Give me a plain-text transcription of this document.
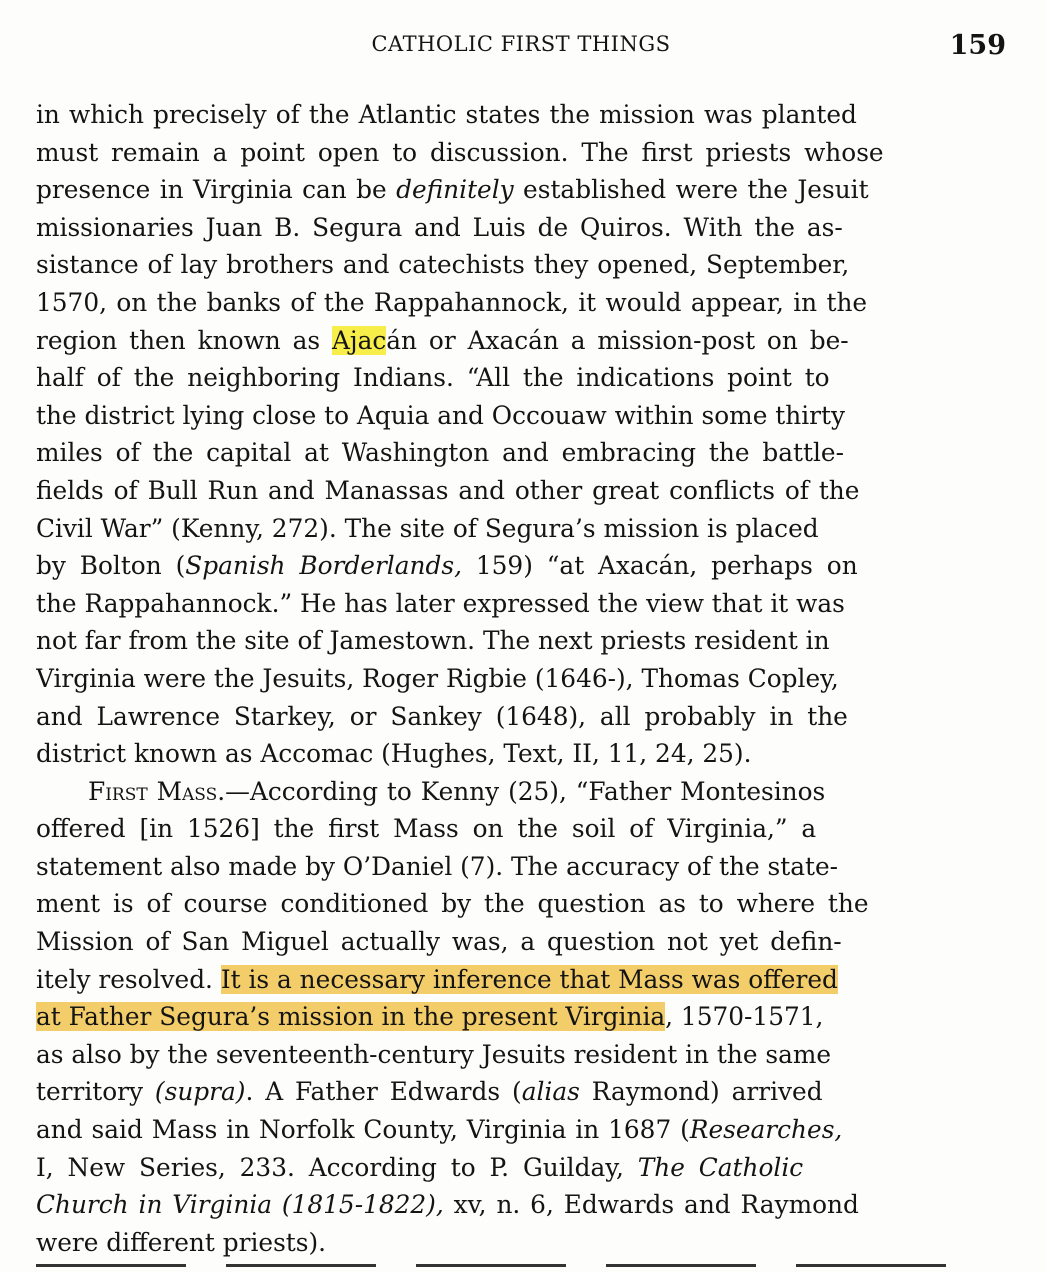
CATHOLIC FIRST THINGS	159
in which precisely of the Atlantic states the mission was planted
must remain a point open to discussion. The first priests whose
presence in Virginia can be definitely established were the Jesuit
missionaries Juan B. Segura and Luis de Quiros. With the as-
sistance of lay brothers and catechists they opened, September,
1570, on the banks of the Rappahannock, it would appear, in the
region then known as Ajacán or Axacán a mission-post on be-
half of the neighboring Indians. “All the indications point to
the district lying close to Aquia and Occouaw within some thirty
miles of the capital at Washington and embracing the battle-
fields of Bull Run and Manassas and other great conflicts of the
Civil War” (Kenny, 272). The site of Segura’s mission is placed
by Bolton (Spanish Borderlands, 159) “at Axacán, perhaps on
the Rappahannock.” He has later expressed the view that it was
not far from the site of Jamestown. The next priests resident in
Virginia were the Jesuits, Roger Rigbie (1646-), Thomas Copley,
and Lawrence Starkey, or Sankey (1648), all probably in the
district known as Accomac (Hughes, Text, II, 11, 24, 25).
First Mass.—According to Kenny (25), “Father Montesinos
offered [in 1526] the first Mass on the soil of Virginia,” a
statement also made by O’Daniel (7). The accuracy of the state-
ment is of course conditioned by the question as to where the
Mission of San Miguel actually was, a question not yet defin-
itely resolved. It is a necessary inference that Mass was offered
at Father Segura’s mission in the present Virginia, 1570-1571,
as also by the seventeenth-century Jesuits resident in the same
territory (supra). A Father Edwards (alias Raymond) arrived
and said Mass in Norfolk County, Virginia in 1687 (Researches,
I, New Series, 233. According to P. Guilday, The Catholic
Church in Virginia (1815-1822), xv, n. 6, Edwards and Raymond
were different priests).
